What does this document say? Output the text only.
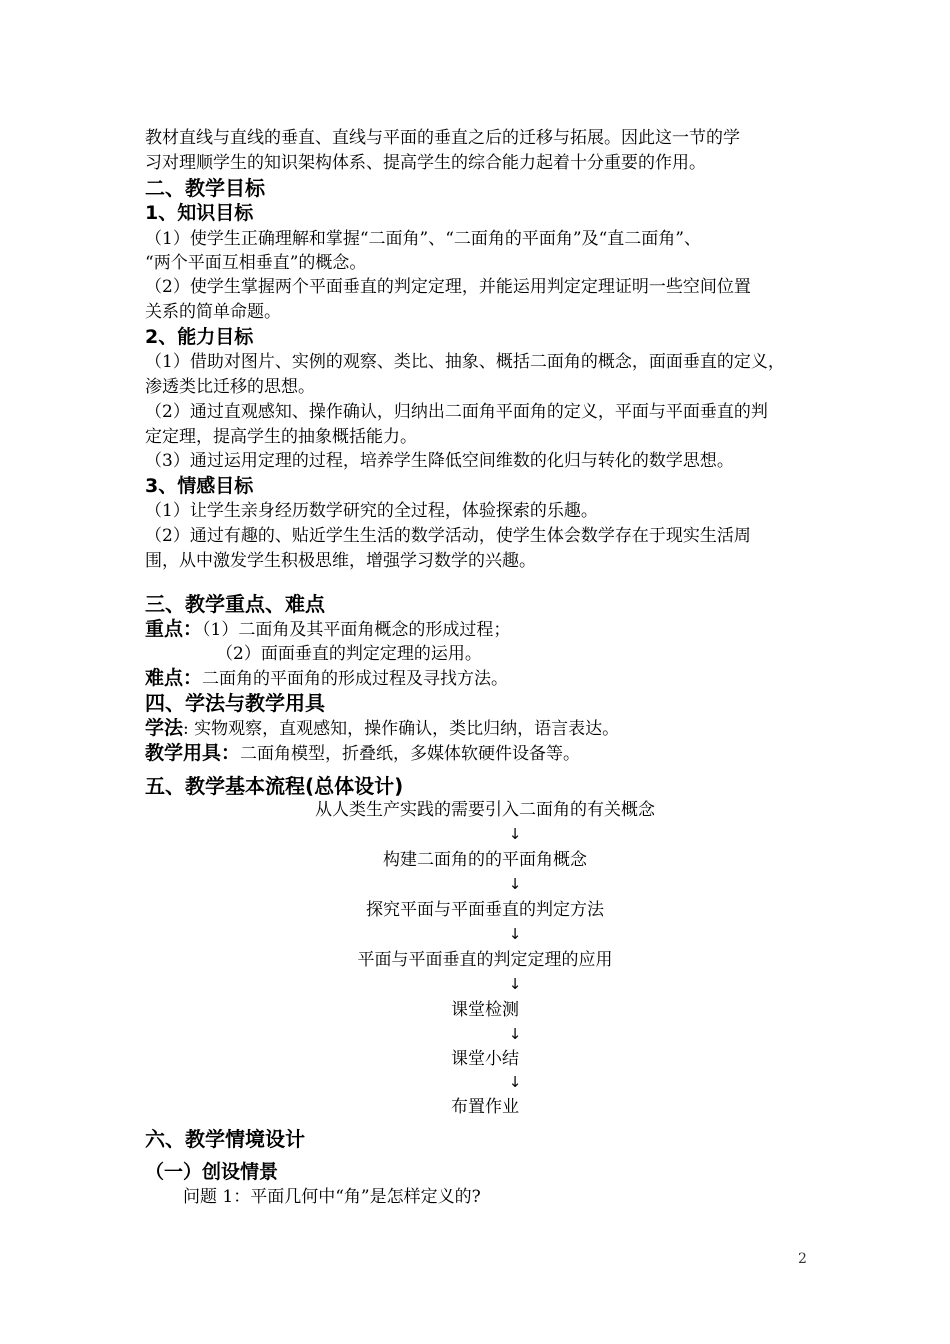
教材直线与直线的垂直、直线与平面的垂直之后的迁移与拓展。因此这一节的学
习对理顺学生的知识架构体系、提高学生的综合能力起着十分重要的作用。
二、教学目标
1、知识目标
（1）使学生正确理解和掌握“二面角”、“二面角的平面角”及“直二面角”、
“两个平面互相垂直”的概念。
（2）使学生掌握两个平面垂直的判定定理，并能运用判定定理证明一些空间位置
关系的简单命题。
2、能力目标
（1）借助对图片、实例的观察、类比、抽象、概括二面角的概念，面面垂直的定义，
渗透类比迁移的思想。
（2）通过直观感知、操作确认，归纳出二面角平面角的定义，平面与平面垂直的判
定定理，提高学生的抽象概括能力。
（3）通过运用定理的过程，培养学生降低空间维数的化归与转化的数学思想。
3、情感目标
（1）让学生亲身经历数学研究的全过程，体验探索的乐趣。
（2）通过有趣的、贴近学生生活的数学活动，使学生体会数学存在于现实生活周
围，从中激发学生积极思维，增强学习数学的兴趣。
三、教学重点、难点
重点：（1）二面角及其平面角概念的形成过程；
（2）面面垂直的判定定理的运用。
难点：二面角的平面角的形成过程及寻找方法。
四、学法与教学用具
学法: 实物观察，直观感知，操作确认，类比归纳，语言表达。
教学用具：二面角模型，折叠纸，多媒体软硬件设备等。
五、教学基本流程(总体设计)
从人类生产实践的需要引入二面角的有关概念
↓
构建二面角的的平面角概念
↓
探究平面与平面垂直的判定方法
↓
平面与平面垂直的判定定理的应用
↓
课堂检测
↓
课堂小结
↓
布置作业
六、教学情境设计
（一）创设情景
问题 1：平面几何中“角”是怎样定义的?
2
